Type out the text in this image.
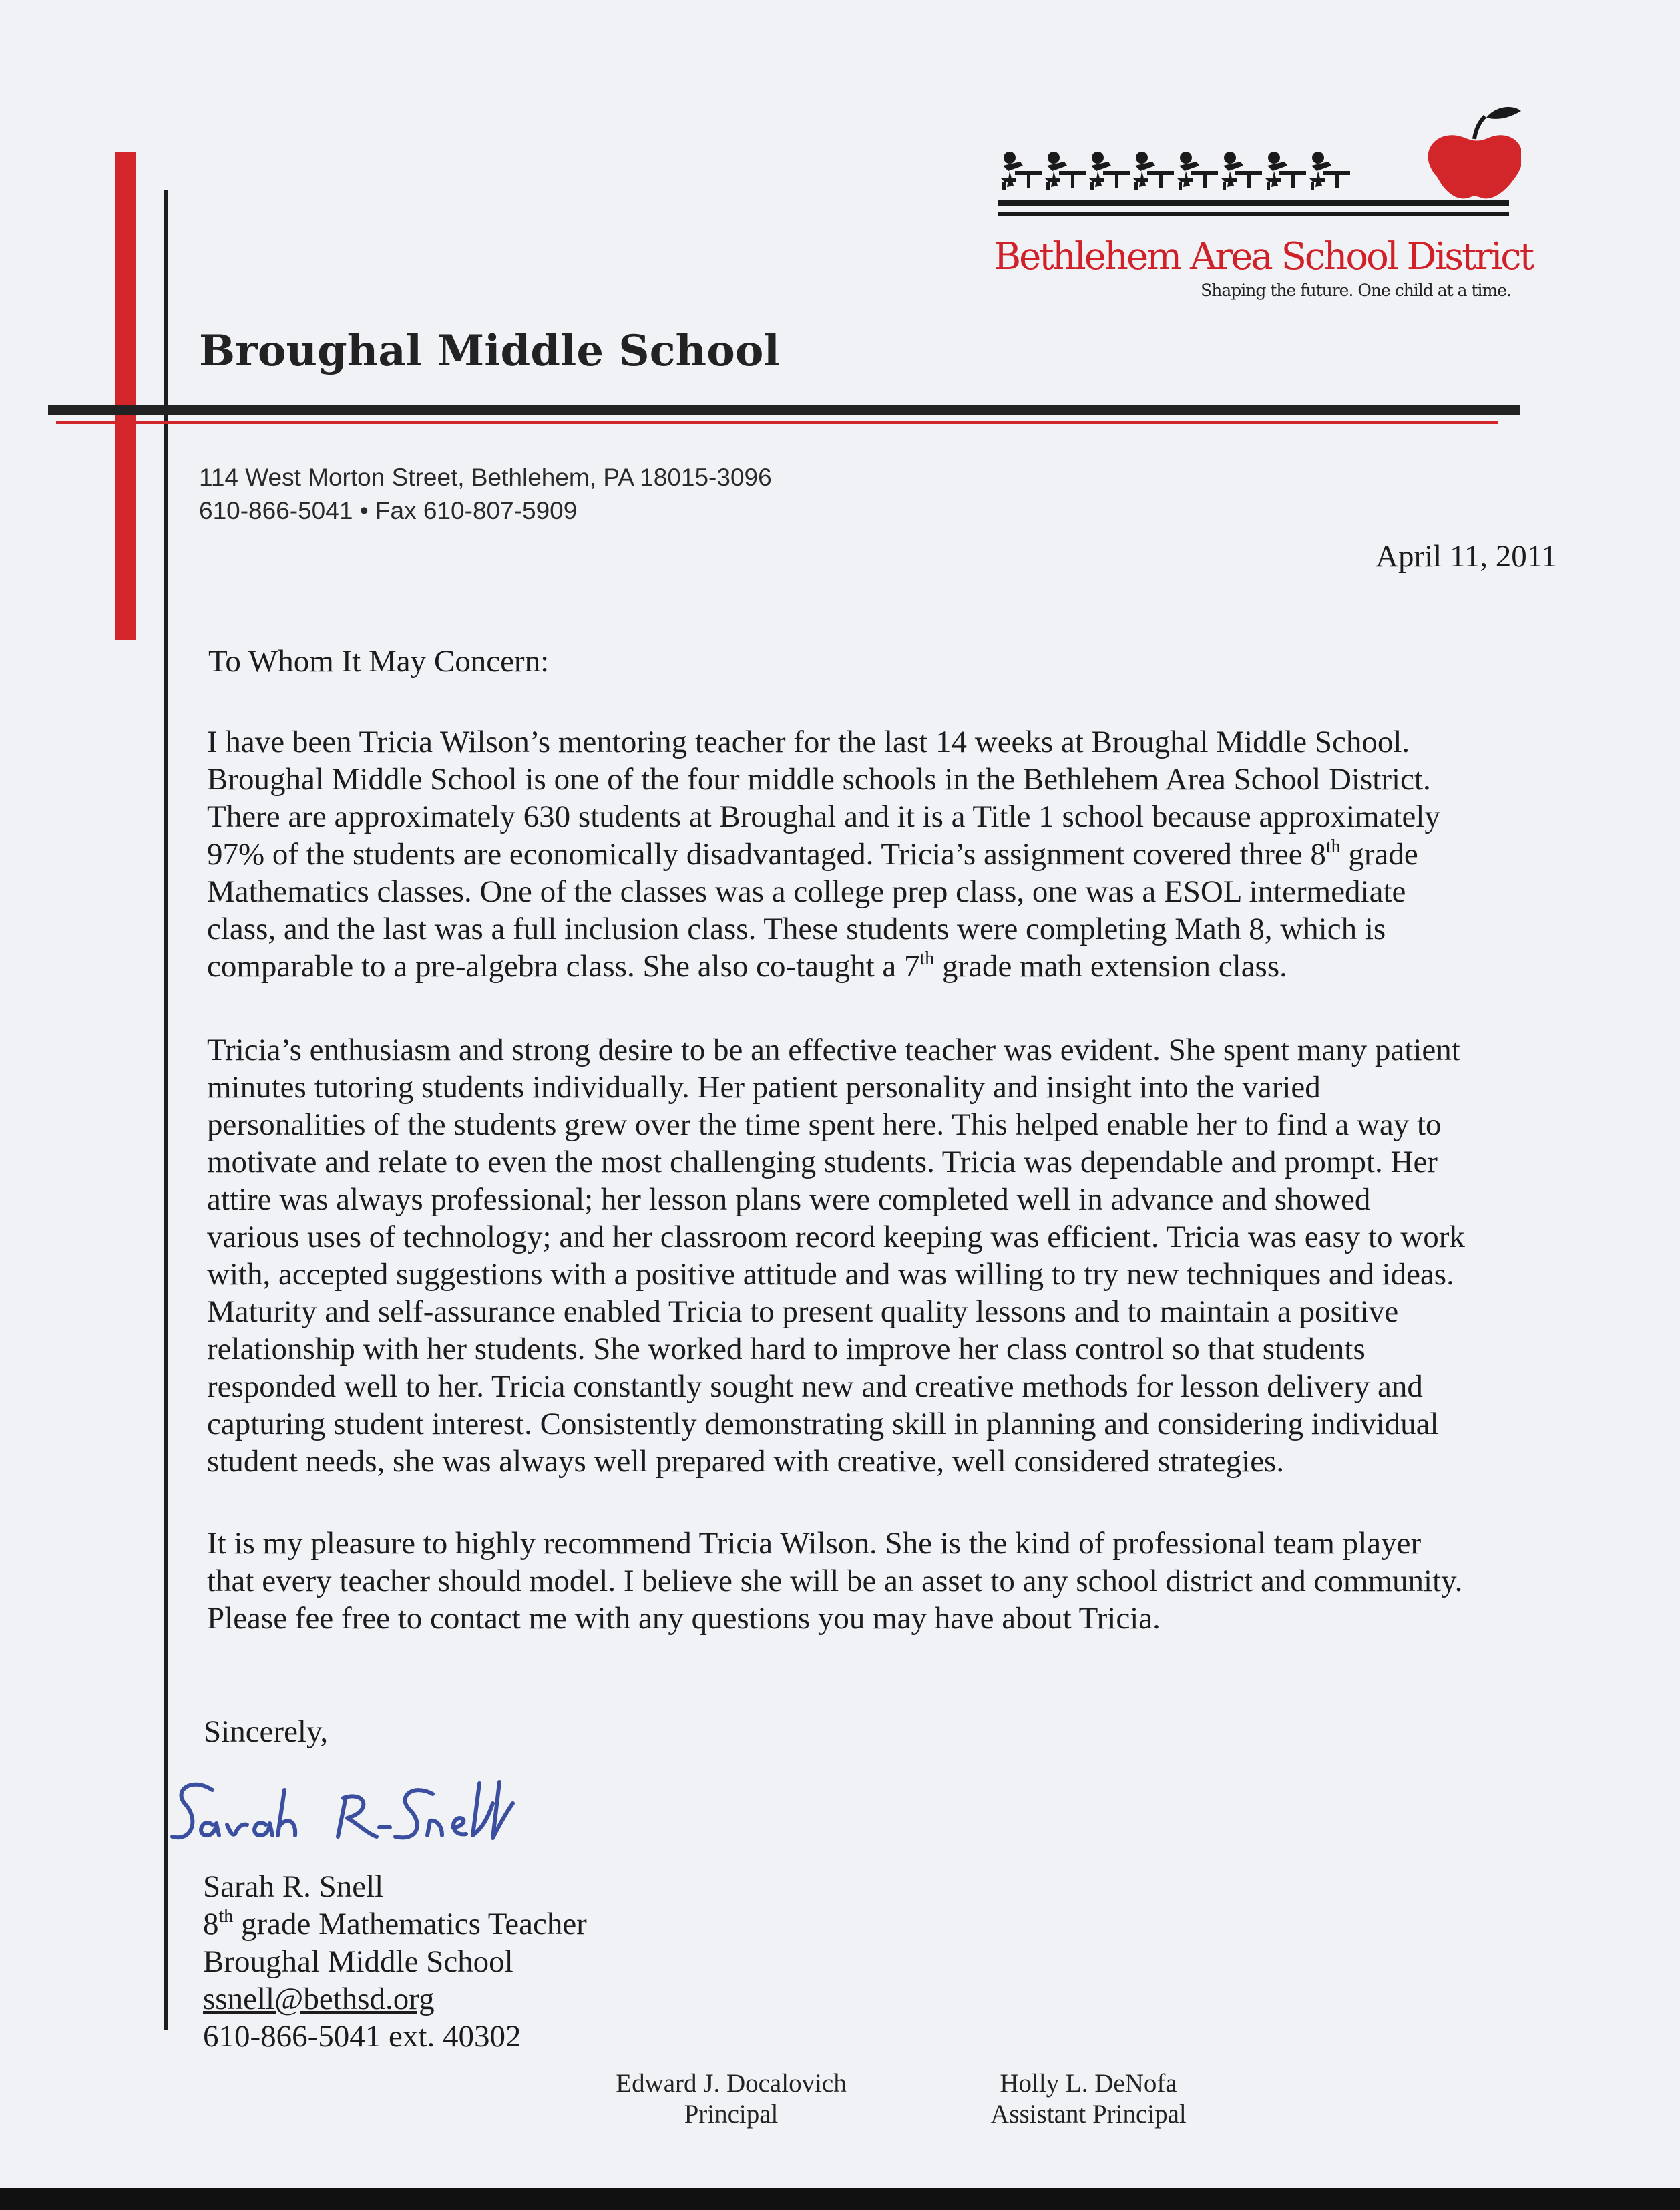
Broughal Middle School
114 West Morton Street, Bethlehem, PA 18015-3096
610-866-5041 • Fax 610-807-5909
Bethlehem Area School District
Shaping the future. One child at a time.
April 11, 2011
To Whom It May Concern:
I have been Tricia Wilson’s mentoring teacher for the last 14 weeks at Broughal Middle School.
Broughal Middle School is one of the four middle schools in the Bethlehem Area School District.
There are approximately 630 students at Broughal and it is a Title 1 school because approximately
97% of the students are economically disadvantaged. Tricia’s assignment covered three 8th grade
Mathematics classes. One of the classes was a college prep class, one was a ESOL intermediate
class, and the last was a full inclusion class. These students were completing Math 8, which is
comparable to a pre-algebra class. She also co-taught a 7th grade math extension class.
Tricia’s enthusiasm and strong desire to be an effective teacher was evident. She spent many patient
minutes tutoring students individually. Her patient personality and insight into the varied
personalities of the students grew over the time spent here. This helped enable her to find a way to
motivate and relate to even the most challenging students. Tricia was dependable and prompt. Her
attire was always professional; her lesson plans were completed well in advance and showed
various uses of technology; and her classroom record keeping was efficient. Tricia was easy to work
with, accepted suggestions with a positive attitude and was willing to try new techniques and ideas.
Maturity and self-assurance enabled Tricia to present quality lessons and to maintain a positive
relationship with her students. She worked hard to improve her class control so that students
responded well to her. Tricia constantly sought new and creative methods for lesson delivery and
capturing student interest. Consistently demonstrating skill in planning and considering individual
student needs, she was always well prepared with creative, well considered strategies.
It is my pleasure to highly recommend Tricia Wilson. She is the kind of professional team player
that every teacher should model. I believe she will be an asset to any school district and community.
Please fee free to contact me with any questions you may have about Tricia.
Sincerely,
Sarah R. Snell
8th grade Mathematics Teacher
Broughal Middle School
ssnell@bethsd.org
610-866-5041 ext. 40302
Edward J. Docalovich
Principal
Holly L. DeNofa
Assistant Principal
